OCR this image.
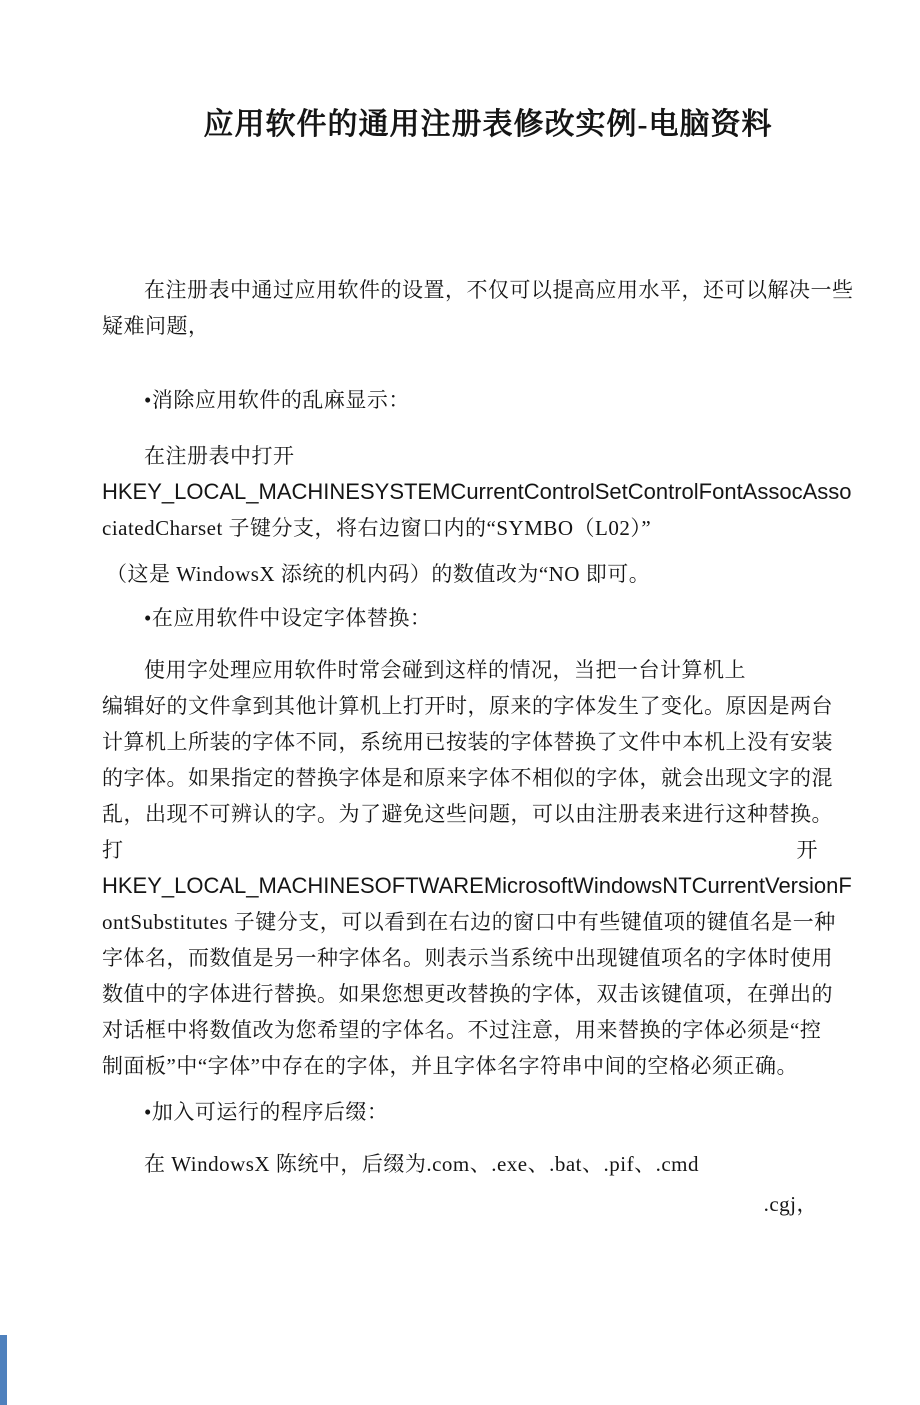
应用软件的通用注册表修改实例-电脑资料
在注册表中通过应用软件的设置，不仅可以提高应用水平，还可以解决一些
疑难问题，
•消除应用软件的乱麻显示：
在注册表中打开
HKEY_LOCAL_MACHINESYSTEMCurrentControlSetControlFontAssocAsso
ciatedCharset 子键分支，将右边窗口内的“SYMBO（L02）”
（这是 WindowsX 添统的机内码）的数值改为“NO 即可。
•在应用软件中设定字体替换：
使用字处理应用软件时常会碰到这样的情况，当把一台计算机上
编辑好的文件拿到其他计算机上打开时，原来的字体发生了变化。原因是两台
计算机上所装的字体不同，系统用已按装的字体替换了文件中本机上没有安装
的字体。如果指定的替换字体是和原来字体不相似的字体，就会出现文字的混
乱，出现不可辨认的字。为了避免这些问题，可以由注册表来进行这种替换。
打	开
HKEY_LOCAL_MACHINESOFTWAREMicrosoftWindowsNTCurrentVersionF
ontSubstitutes 子键分支，可以看到在右边的窗口中有些键值项的键值名是一种
字体名，而数值是另一种字体名。则表示当系统中出现键值项名的字体时使用
数值中的字体进行替换。如果您想更改替换的字体，双击该键值项，在弹出的
对话框中将数值改为您希望的字体名。不过注意，用来替换的字体必须是“控
制面板”中“字体”中存在的字体，并且字体名字符串中间的空格必须正确。
•加入可运行的程序后缀：
在 WindowsX 陈统中，后缀为.com、.exe、.bat、.pif、.cmd
.cgj，
